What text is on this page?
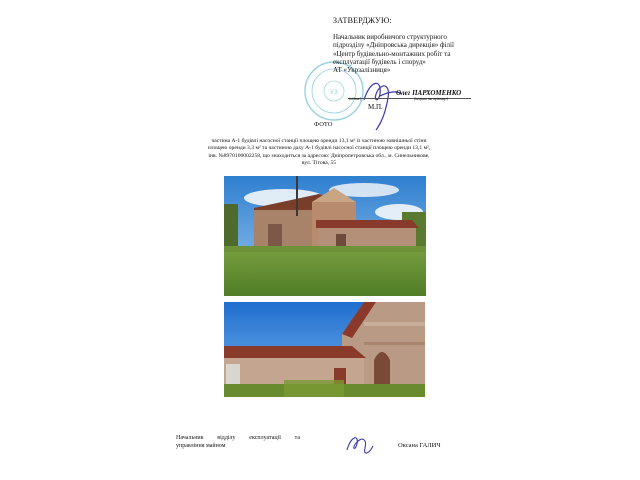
УЗ
ЗАТВЕРДЖУЮ:
Начальник виробничого структурного
підрозділу «Дніпровська дирекція» філії
«Центр будівельно-монтажних робіт та
експлуатації будівель і споруд»
АТ «Укрзалізниця»
Олег ПАРХОМЕНКО
(підпис)	(ініціали та прізвище)
М.П.
ФОТО
частина А-1 будівлі насосної станції площею оренди 13,1 м² із частиною зовнішньої стіни
площею оренди 3,3 м² та частиною даху А-1 будівлі насосної станції площею оренди 13,1 м²,
інв. №8970100002258, що знаходиться за адресою: Дніпропетровська обл., м. Синельникове,
вул. Тітова, 55
Начальник відділу експлуатації та
управління майном	Оксана ГАЛИЧ
